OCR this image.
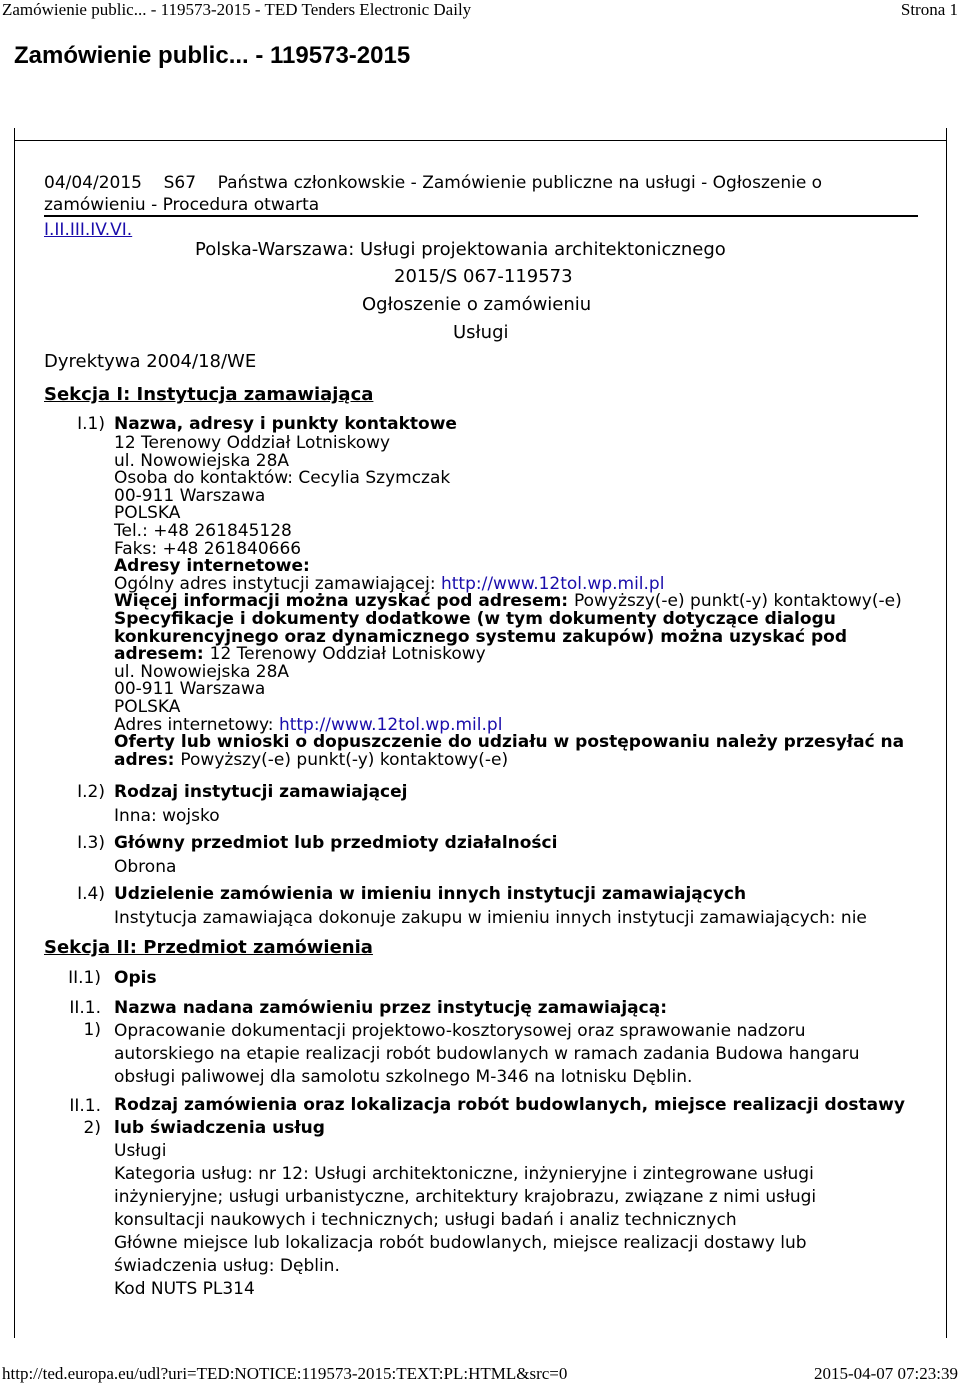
Zamówienie public... - 119573-2015 - TED Tenders Electronic Daily	Strona 1
Zamówienie public... - 119573-2015
04/04/2015    S67    Państwa członkowskie - Zamówienie publiczne na usługi - Ogłoszenie o
zamówieniu - Procedura otwarta
I.II.III.IV.VI.
Polska-Warszawa: Usługi projektowania architektonicznego
2015/S 067-119573
Ogłoszenie o zamówieniu
Usługi
Dyrektywa 2004/18/WE
Sekcja I: Instytucja zamawiająca
I.1) Nazwa, adresy i punkty kontaktowe
12 Terenowy Oddział Lotniskowy
ul. Nowowiejska 28A
Osoba do kontaktów: Cecylia Szymczak
00-911 Warszawa
POLSKA
Tel.: +48 261845128
Faks: +48 261840666
Adresy internetowe:
Ogólny adres instytucji zamawiającej: http://www.12tol.wp.mil.pl
Więcej informacji można uzyskać pod adresem: Powyższy(-e) punkt(-y) kontaktowy(-e)
Specyfikacje i dokumenty dodatkowe (w tym dokumenty dotyczące dialogu
konkurencyjnego oraz dynamicznego systemu zakupów) można uzyskać pod
adresem: 12 Terenowy Oddział Lotniskowy
ul. Nowowiejska 28A
00-911 Warszawa
POLSKA
Adres internetowy: http://www.12tol.wp.mil.pl
Oferty lub wnioski o dopuszczenie do udziału w postępowaniu należy przesyłać na
adres: Powyższy(-e) punkt(-y) kontaktowy(-e)
I.2) Rodzaj instytucji zamawiającej
Inna: wojsko
I.3) Główny przedmiot lub przedmioty działalności
Obrona
I.4) Udzielenie zamówienia w imieniu innych instytucji zamawiających
Instytucja zamawiająca dokonuje zakupu w imieniu innych instytucji zamawiających: nie
Sekcja II: Przedmiot zamówienia
II.1) Opis
II.1.
1)
Nazwa nadana zamówieniu przez instytucję zamawiającą:
Opracowanie dokumentacji projektowo-kosztorysowej oraz sprawowanie nadzoru
autorskiego na etapie realizacji robót budowlanych w ramach zadania Budowa hangaru
obsługi paliwowej dla samolotu szkolnego M-346 na lotnisku Dęblin.
II.1.
2)
Rodzaj zamówienia oraz lokalizacja robót budowlanych, miejsce realizacji dostawy
lub świadczenia usług
Usługi
Kategoria usług: nr 12: Usługi architektoniczne, inżynieryjne i zintegrowane usługi
inżynieryjne; usługi urbanistyczne, architektury krajobrazu, związane z nimi usługi
konsultacji naukowych i technicznych; usługi badań i analiz technicznych
Główne miejsce lub lokalizacja robót budowlanych, miejsce realizacji dostawy lub
świadczenia usług: Dęblin.
Kod NUTS PL314
http://ted.europa.eu/udl?uri=TED:NOTICE:119573-2015:TEXT:PL:HTML&src=0	2015-04-07 07:23:39
